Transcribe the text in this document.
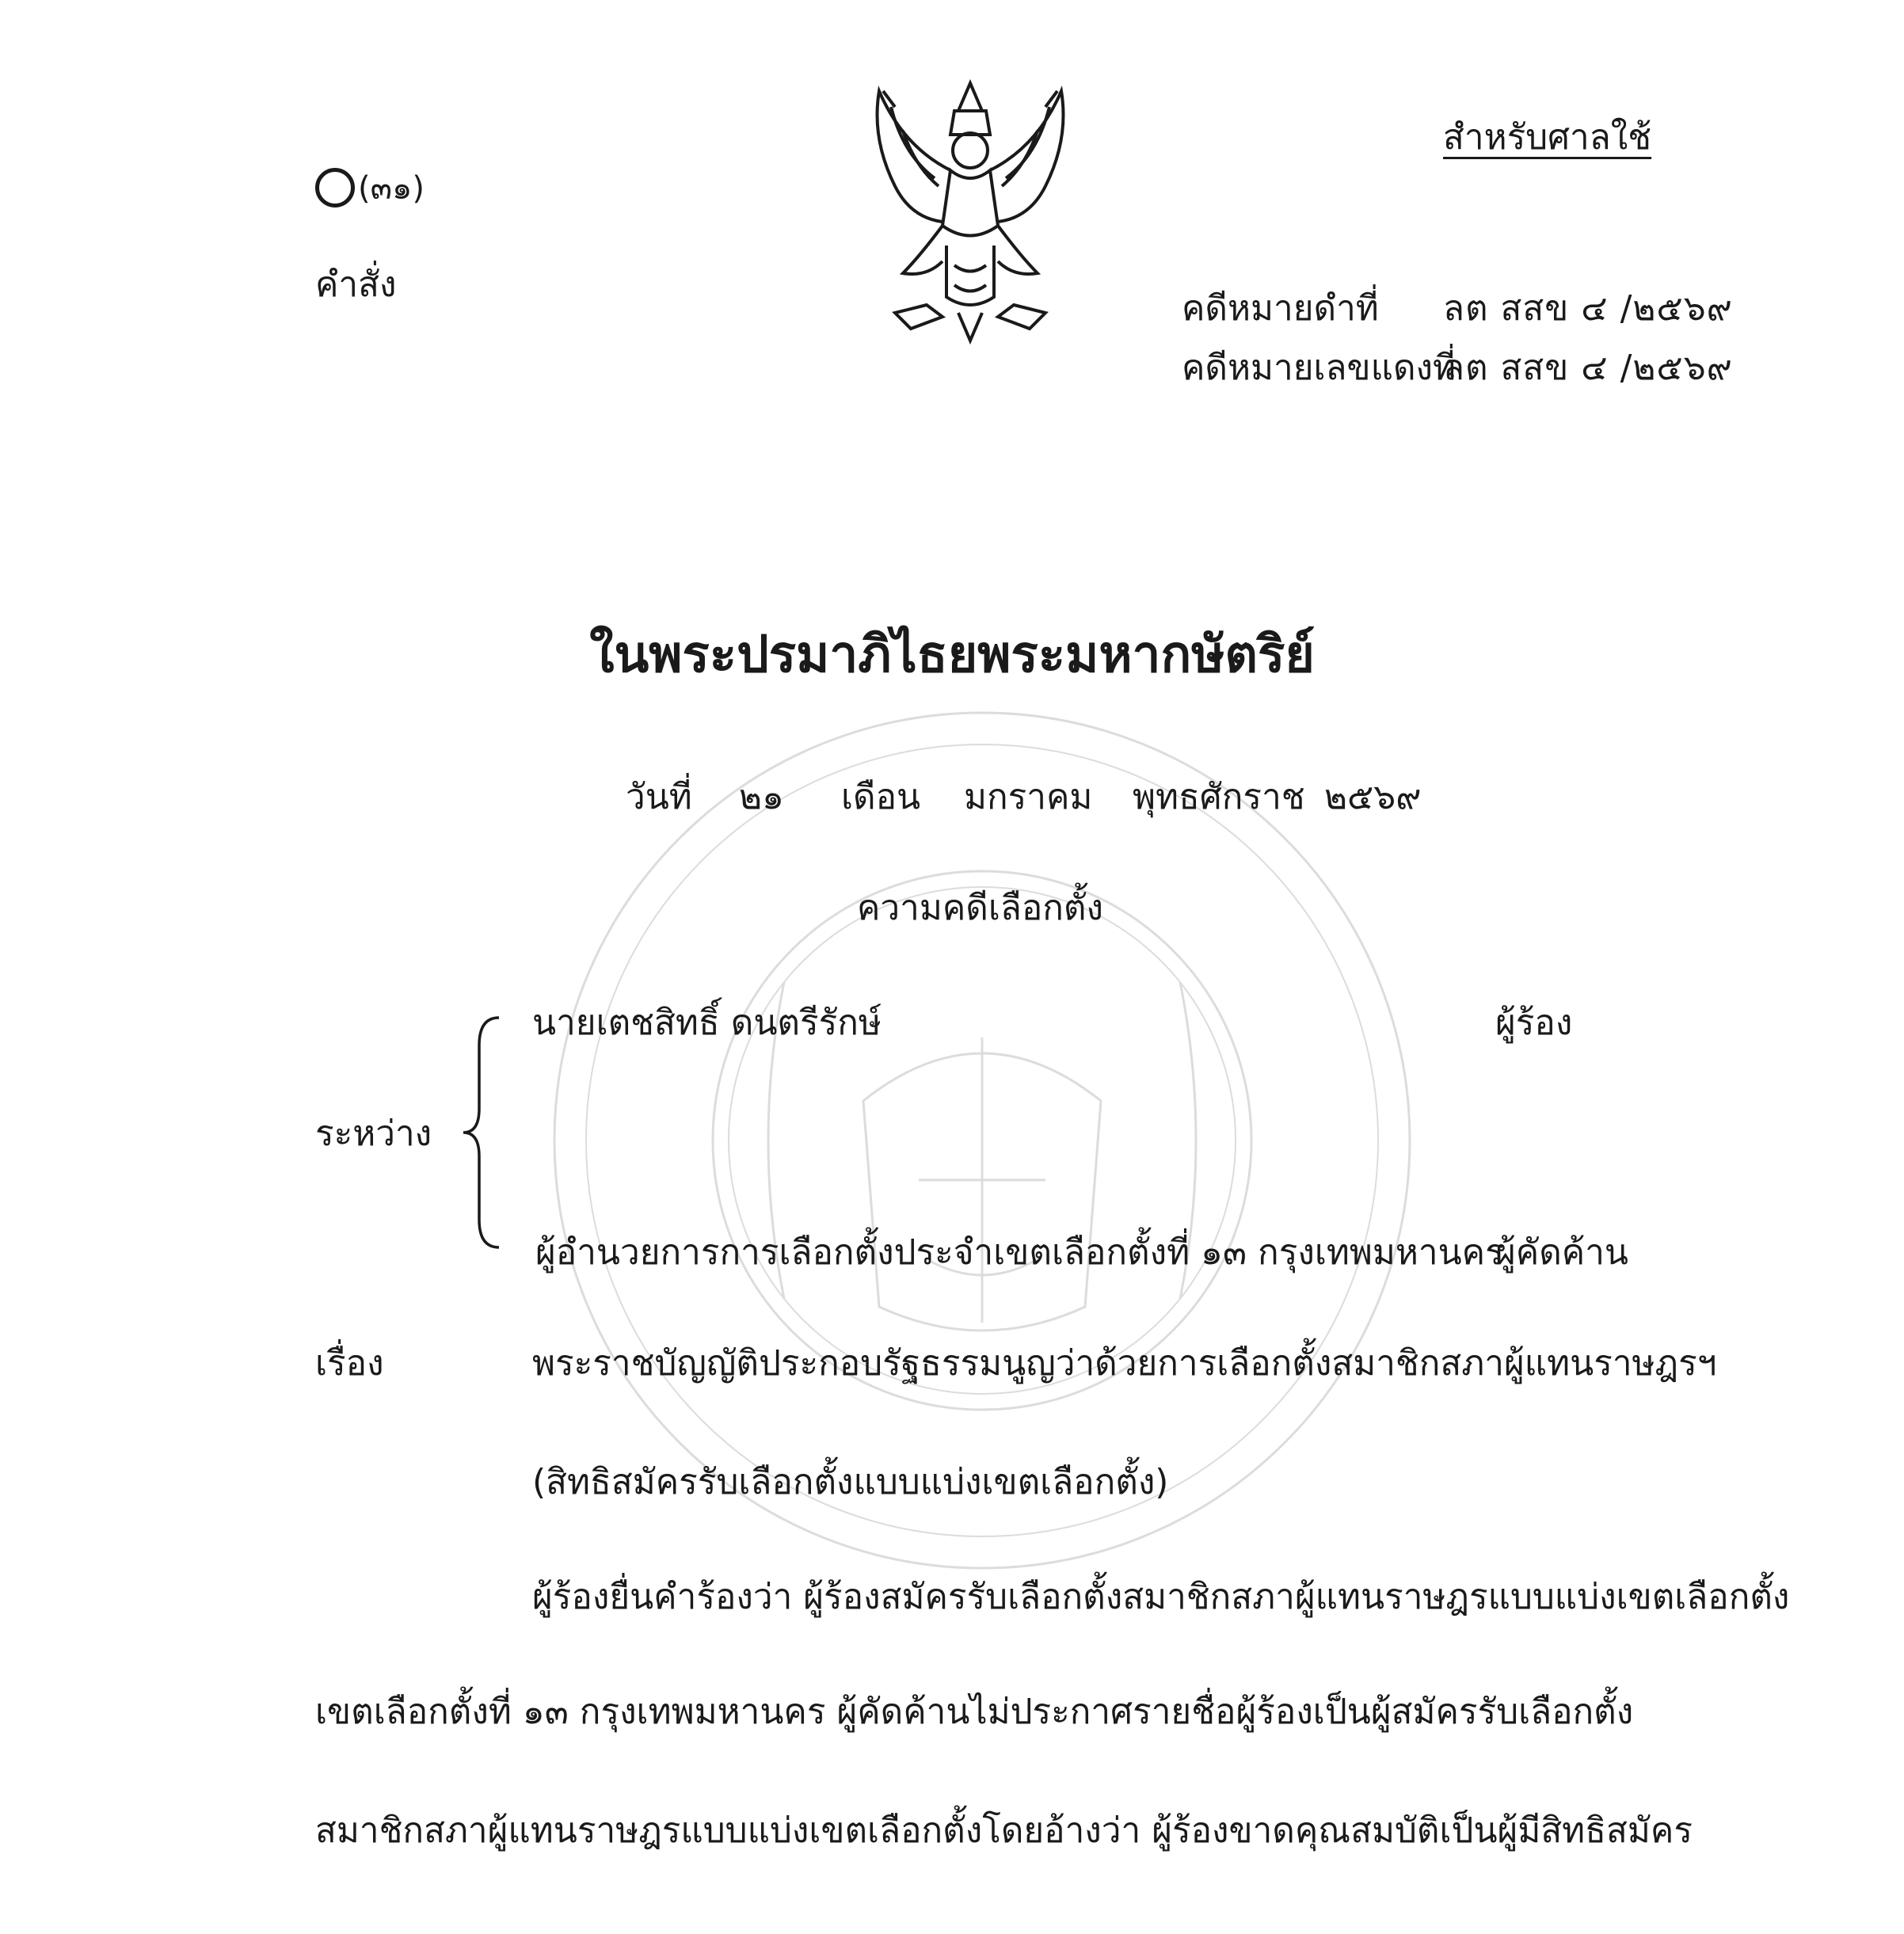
(๓๑)
คำสั่ง
สำหรับศาลใช้
คดีหมายดำที่ ลต สสข ๔ /๒๕๖๙
คดีหมายเลขแดงที่
ลต สสข ๔ /๒๕๖๙
ในพระปรมาภิไธยพระมหากษัตริย์
วันที่ ๒๑ เดือน มกราคม พุทธศักราช ๒๕๖๙
ความคดีเลือกตั้ง
นายเตชสิทธิ์ ดนตรีรักษ์	ผู้ร้อง
ระหว่าง
ผู้อำนวยการการเลือกตั้งประจำเขตเลือกตั้งที่ ๑๓ กรุงเทพมหานคร
ผู้คัดค้าน
เรื่อง	พระราชบัญญัติประกอบรัฐธรรมนูญว่าด้วยการเลือกตั้งสมาชิกสภาผู้แทนราษฎรฯ
(สิทธิสมัครรับเลือกตั้งแบบแบ่งเขตเลือกตั้ง)
ผู้ร้องยื่นคำร้องว่า ผู้ร้องสมัครรับเลือกตั้งสมาชิกสภาผู้แทนราษฎรแบบแบ่งเขตเลือกตั้ง
เขตเลือกตั้งที่ ๑๓ กรุงเทพมหานคร ผู้คัดค้านไม่ประกาศรายชื่อผู้ร้องเป็นผู้สมัครรับเลือกตั้ง
สมาชิกสภาผู้แทนราษฎรแบบแบ่งเขตเลือกตั้งโดยอ้างว่า ผู้ร้องขาดคุณสมบัติเป็นผู้มีสิทธิสมัคร
